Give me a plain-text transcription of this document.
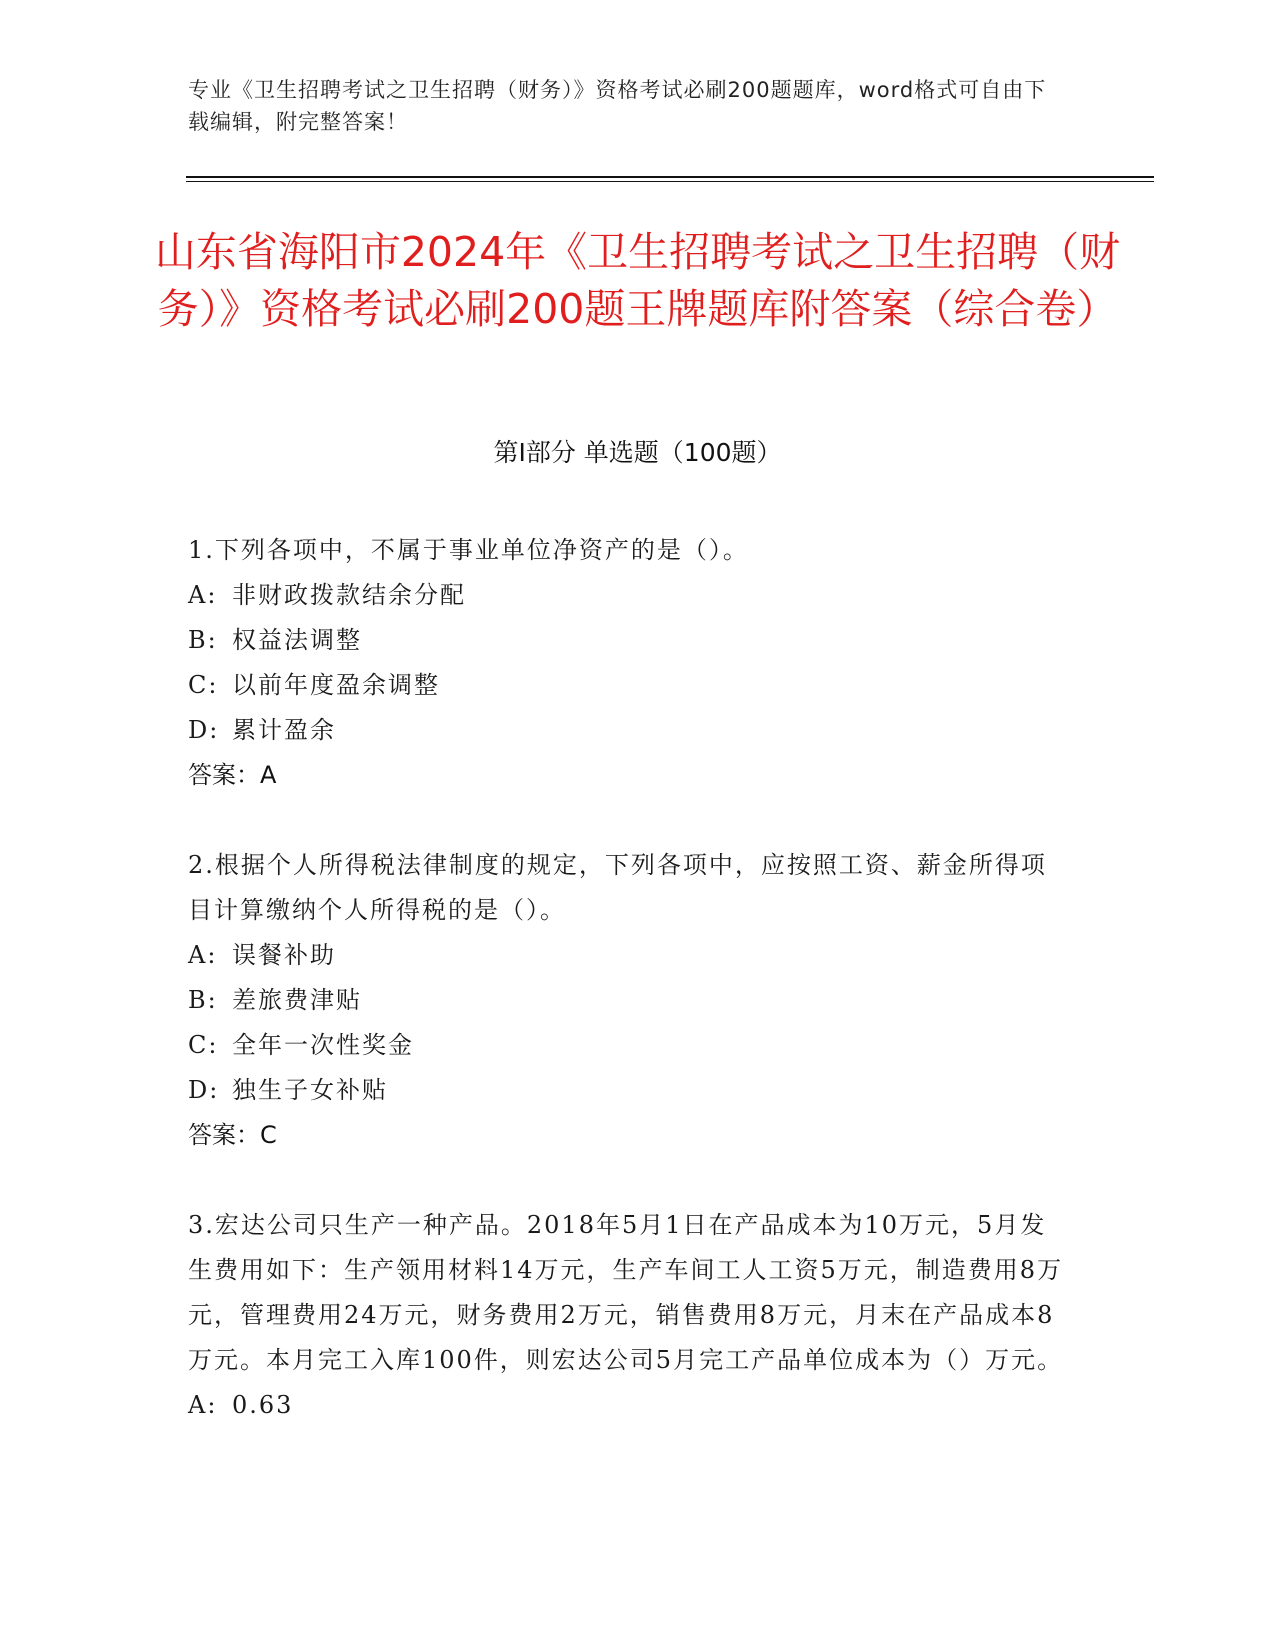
专业《卫生招聘考试之卫生招聘（财务）》资格考试必刷200题题库，word格式可自由下载编辑，附完整答案！
山东省海阳市2024年《卫生招聘考试之卫生招聘（财务）》资格考试必刷200题王牌题库附答案（综合卷）
第Ⅰ部分 单选题（100题）
1.下列各项中，不属于事业单位净资产的是（）。
A: 非财政拨款结余分配
B: 权益法调整
C: 以前年度盈余调整
D: 累计盈余
答案：A
2.根据个人所得税法律制度的规定，下列各项中，应按照工资、薪金所得项目计算缴纳个人所得税的是（）。
A: 误餐补助
B: 差旅费津贴
C: 全年一次性奖金
D: 独生子女补贴
答案：C
3.宏达公司只生产一种产品。2018年5月1日在产品成本为10万元，5月发生费用如下：生产领用材料14万元，生产车间工人工资5万元，制造费用8万元，管理费用24万元，财务费用2万元，销售费用8万元，月末在产品成本8万元。本月完工入库100件，则宏达公司5月完工产品单位成本为（）万元。
A: 0.63
